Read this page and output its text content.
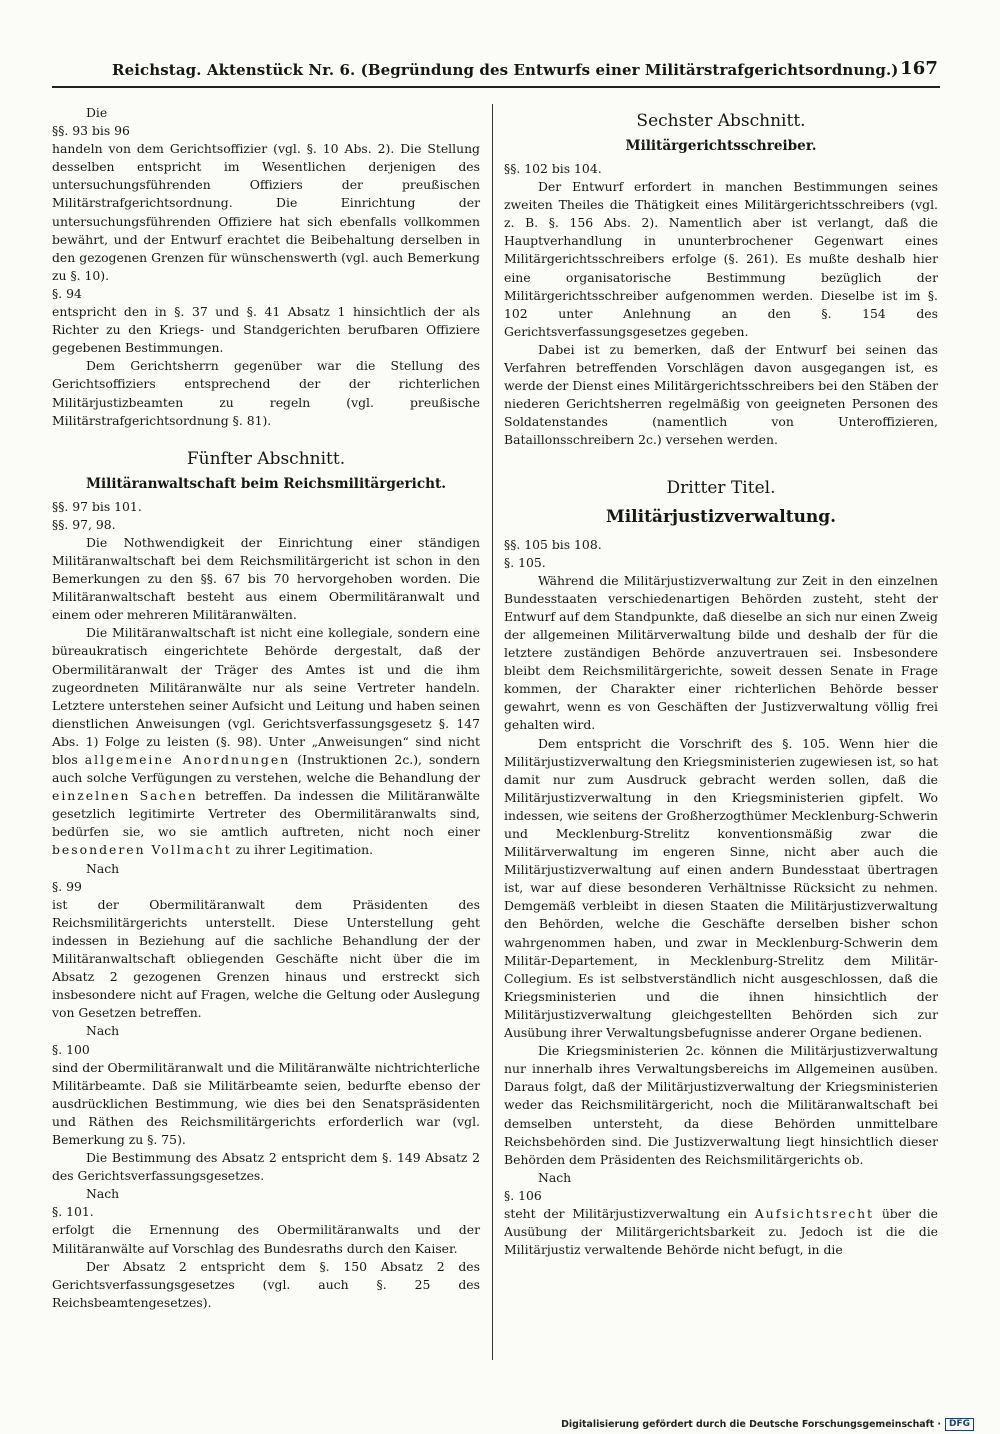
Reichstag. Aktenstück Nr. 6. (Begründung des Entwurfs einer Militärstrafgerichtsordnung.) 167

Die

§§. 93 bis 96

handeln von dem Gerichtsoffizier (vgl. §. 10 Abs. 2). Die Stellung desselben entspricht im Wesentlichen derjenigen des untersuchungsführenden Offiziers der preußischen Militärstrafgerichtsordnung. Die Einrichtung der untersuchungsführenden Offiziere hat sich ebenfalls vollkommen bewährt, und der Entwurf erachtet die Beibehaltung derselben in den gezogenen Grenzen für wünschenswerth (vgl. auch Bemerkung zu §. 10).

§. 94

entspricht den in §. 37 und §. 41 Absatz 1 hinsichtlich der als Richter zu den Kriegs- und Standgerichten berufbaren Offiziere gegebenen Bestimmungen.

Dem Gerichtsherrn gegenüber war die Stellung des Gerichtsoffiziers entsprechend der der richterlichen Militärjustizbeamten zu regeln (vgl. preußische Militärstrafgerichtsordnung §. 81).

Fünfter Abschnitt.
Militäranwaltschaft beim Reichsmilitärgericht.

§§. 97 bis 101.

§§. 97, 98.

Die Nothwendigkeit der Einrichtung einer ständigen Militäranwaltschaft bei dem Reichsmilitärgericht ist schon in den Bemerkungen zu den §§. 67 bis 70 hervorgehoben worden. Die Militäranwaltschaft besteht aus einem Obermilitäranwalt und einem oder mehreren Militäranwälten.

Die Militäranwaltschaft ist nicht eine kollegiale, sondern eine büreaukratisch eingerichtete Behörde dergestalt, daß der Obermilitäranwalt der Träger des Amtes ist und die ihm zugeordneten Militäranwälte nur als seine Vertreter handeln. Letztere unterstehen seiner Aufsicht und Leitung und haben seinen dienstlichen Anweisungen (vgl. Gerichtsverfassungsgesetz §. 147 Abs. 1) Folge zu leisten (§. 98). Unter „Anweisungen“ sind nicht blos allgemeine Anordnungen (Instruktionen 2c.), sondern auch solche Verfügungen zu verstehen, welche die Behandlung der einzelnen Sachen betreffen. Da indessen die Militäranwälte gesetzlich legitimirte Vertreter des Obermilitäranwalts sind, bedürfen sie, wo sie amtlich auftreten, nicht noch einer besonderen Vollmacht zu ihrer Legitimation.

Nach

§. 99

ist der Obermilitäranwalt dem Präsidenten des Reichsmilitärgerichts unterstellt. Diese Unterstellung geht indessen in Beziehung auf die sachliche Behandlung der der Militäranwaltschaft obliegenden Geschäfte nicht über die im Absatz 2 gezogenen Grenzen hinaus und erstreckt sich insbesondere nicht auf Fragen, welche die Geltung oder Auslegung von Gesetzen betreffen.

Nach

§. 100

sind der Obermilitäranwalt und die Militäranwälte nichtrichterliche Militärbeamte. Daß sie Militärbeamte seien, bedurfte ebenso der ausdrücklichen Bestimmung, wie dies bei den Senatspräsidenten und Räthen des Reichsmilitärgerichts erforderlich war (vgl. Bemerkung zu §. 75).

Die Bestimmung des Absatz 2 entspricht dem §. 149 Absatz 2 des Gerichtsverfassungsgesetzes.

Nach

§. 101.

erfolgt die Ernennung des Obermilitäranwalts und der Militäranwälte auf Vorschlag des Bundesraths durch den Kaiser.

Der Absatz 2 entspricht dem §. 150 Absatz 2 des Gerichtsverfassungsgesetzes (vgl. auch §. 25 des Reichsbeamtengesetzes).

Sechster Abschnitt.
Militärgerichtsschreiber.

§§. 102 bis 104.

Der Entwurf erfordert in manchen Bestimmungen seines zweiten Theiles die Thätigkeit eines Militärgerichtsschreibers (vgl. z. B. §. 156 Abs. 2). Namentlich aber ist verlangt, daß die Hauptverhandlung in ununterbrochener Gegenwart eines Militärgerichtsschreibers erfolge (§. 261). Es mußte deshalb hier eine organisatorische Bestimmung bezüglich der Militärgerichtsschreiber aufgenommen werden. Dieselbe ist im §. 102 unter Anlehnung an den §. 154 des Gerichtsverfassungsgesetzes gegeben.

Dabei ist zu bemerken, daß der Entwurf bei seinen das Verfahren betreffenden Vorschlägen davon ausgegangen ist, es werde der Dienst eines Militärgerichtsschreibers bei den Stäben der niederen Gerichtsherren regelmäßig von geeigneten Personen des Soldatenstandes (namentlich von Unteroffizieren, Bataillonsschreibern 2c.) versehen werden.

Dritter Titel.
Militärjustizverwaltung.

§§. 105 bis 108.

§. 105.

Während die Militärjustizverwaltung zur Zeit in den einzelnen Bundesstaaten verschiedenartigen Behörden zusteht, steht der Entwurf auf dem Standpunkte, daß dieselbe an sich nur einen Zweig der allgemeinen Militärverwaltung bilde und deshalb der für die letztere zuständigen Behörde anzuvertrauen sei. Insbesondere bleibt dem Reichsmilitärgerichte, soweit dessen Senate in Frage kommen, der Charakter einer richterlichen Behörde besser gewahrt, wenn es von Geschäften der Justizverwaltung völlig frei gehalten wird.

Dem entspricht die Vorschrift des §. 105. Wenn hier die Militärjustizverwaltung den Kriegsministerien zugewiesen ist, so hat damit nur zum Ausdruck gebracht werden sollen, daß die Militärjustizverwaltung in den Kriegsministerien gipfelt. Wo indessen, wie seitens der Großherzogthümer Mecklenburg-Schwerin und Mecklenburg-Strelitz konventionsmäßig zwar die Militärverwaltung im engeren Sinne, nicht aber auch die Militärjustizverwaltung auf einen andern Bundesstaat übertragen ist, war auf diese besonderen Verhältnisse Rücksicht zu nehmen. Demgemäß verbleibt in diesen Staaten die Militärjustizverwaltung den Behörden, welche die Geschäfte derselben bisher schon wahrgenommen haben, und zwar in Mecklenburg-Schwerin dem Militär-Departement, in Mecklenburg-Strelitz dem Militär-Collegium. Es ist selbstverständlich nicht ausgeschlossen, daß die Kriegsministerien und die ihnen hinsichtlich der Militärjustizverwaltung gleichgestellten Behörden sich zur Ausübung ihrer Verwaltungsbefugnisse anderer Organe bedienen.

Die Kriegsministerien 2c. können die Militärjustizverwaltung nur innerhalb ihres Verwaltungsbereichs im Allgemeinen ausüben. Daraus folgt, daß der Militärjustizverwaltung der Kriegsministerien weder das Reichsmilitärgericht, noch die Militäranwaltschaft bei demselben untersteht, da diese Behörden unmittelbare Reichsbehörden sind. Die Justizverwaltung liegt hinsichtlich dieser Behörden dem Präsidenten des Reichsmilitärgerichts ob.

Nach

§. 106

steht der Militärjustizverwaltung ein Aufsichtsrecht über die Ausübung der Militärgerichtsbarkeit zu. Jedoch ist die die Militärjustiz verwaltende Behörde nicht befugt, in die

Digitalisierung gefördert durch die Deutsche Forschungsgemeinschaft · DFG
